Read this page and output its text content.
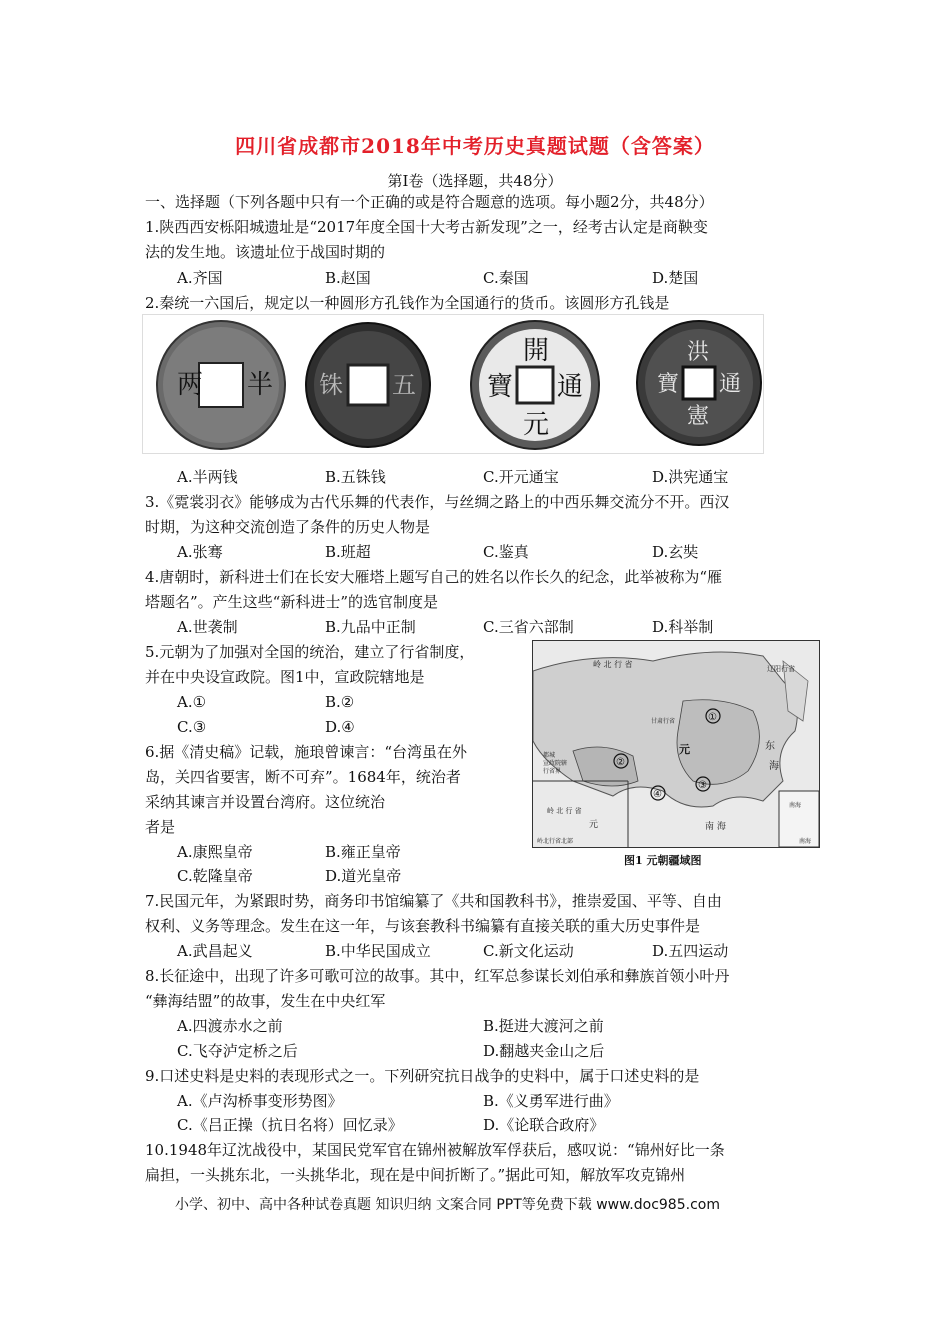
四川省成都市2018年中考历史真题试题（含答案）
第Ⅰ卷（选择题，共48分）
一、选择题（下列各题中只有一个正确的或是符合题意的选项。每小题2分，共48分）
1.陕西西安栎阳城遗址是“2017年度全国十大考古新发现”之一，经考古认定是商鞅变
法的发生地。该遗址位于战国时期的
A.齐国	B.赵国	C.秦国	D.楚国
2.秦统一六国后，规定以一种圆形方孔钱作为全国通行的货币。该圆形方孔钱是
两 半 铢 五
開
通
元
寶
洪
通
憲
寶
A.半两钱	B.五铢钱	C.开元通宝	D.洪宪通宝
3.《霓裳羽衣》能够成为古代乐舞的代表作，与丝绸之路上的中西乐舞交流分不开。西汉
时期，为这种交流创造了条件的历史人物是
A.张骞	B.班超	C.鉴真	D.玄奘
4.唐朝时，新科进士们在长安大雁塔上题写自己的姓名以作长久的纪念，此举被称为“雁
塔题名”。产生这些“新科进士”的选官制度是
A.世袭制	B.九品中正制	C.三省六部制	D.科举制
5.元朝为了加强对全国的统治，建立了行省制度，
并在中央设宣政院。图1中，宣政院辖地是
A.①	B.②
C.③	D.④
岭 北 行 省	辽阳行省
甘肃行省
元	东
海
南 海
都城
宣政院辖
行省界
岭 北 行 省
元
岭北行省北部
南海
南海
①
②
③
④
图1 元朝疆域图
6.据《清史稿》记载，施琅曾谏言：“台湾虽在外
岛，关四省要害，断不可弃”。1684年，统治者
采纳其谏言并设置台湾府。这位统治
者是
A.康熙皇帝	B.雍正皇帝
C.乾隆皇帝	D.道光皇帝
7.民国元年，为紧跟时势，商务印书馆编纂了《共和国教科书》，推崇爱国、平等、自由
权利、义务等理念。发生在这一年，与该套教科书编纂有直接关联的重大历史事件是
A.武昌起义	B.中华民国成立	C.新文化运动	D.五四运动
8.长征途中，出现了许多可歌可泣的故事。其中，红军总参谋长刘伯承和彝族首领小叶丹
“彝海结盟”的故事，发生在中央红军
A.四渡赤水之前	B.挺进大渡河之前
C.飞夺泸定桥之后	D.翻越夹金山之后
9.口述史料是史料的表现形式之一。下列研究抗日战争的史料中，属于口述史料的是
A.《卢沟桥事变形势图》	B.《义勇军进行曲》
C.《吕正操（抗日名将）回忆录》	D.《论联合政府》
10.1948年辽沈战役中，某国民党军官在锦州被解放军俘获后，感叹说：“锦州好比一条
扁担，一头挑东北，一头挑华北，现在是中间折断了。”据此可知，解放军攻克锦州
小学、初中、高中各种试卷真题 知识归纳 文案合同 PPT等免费下载 www.doc985.com
